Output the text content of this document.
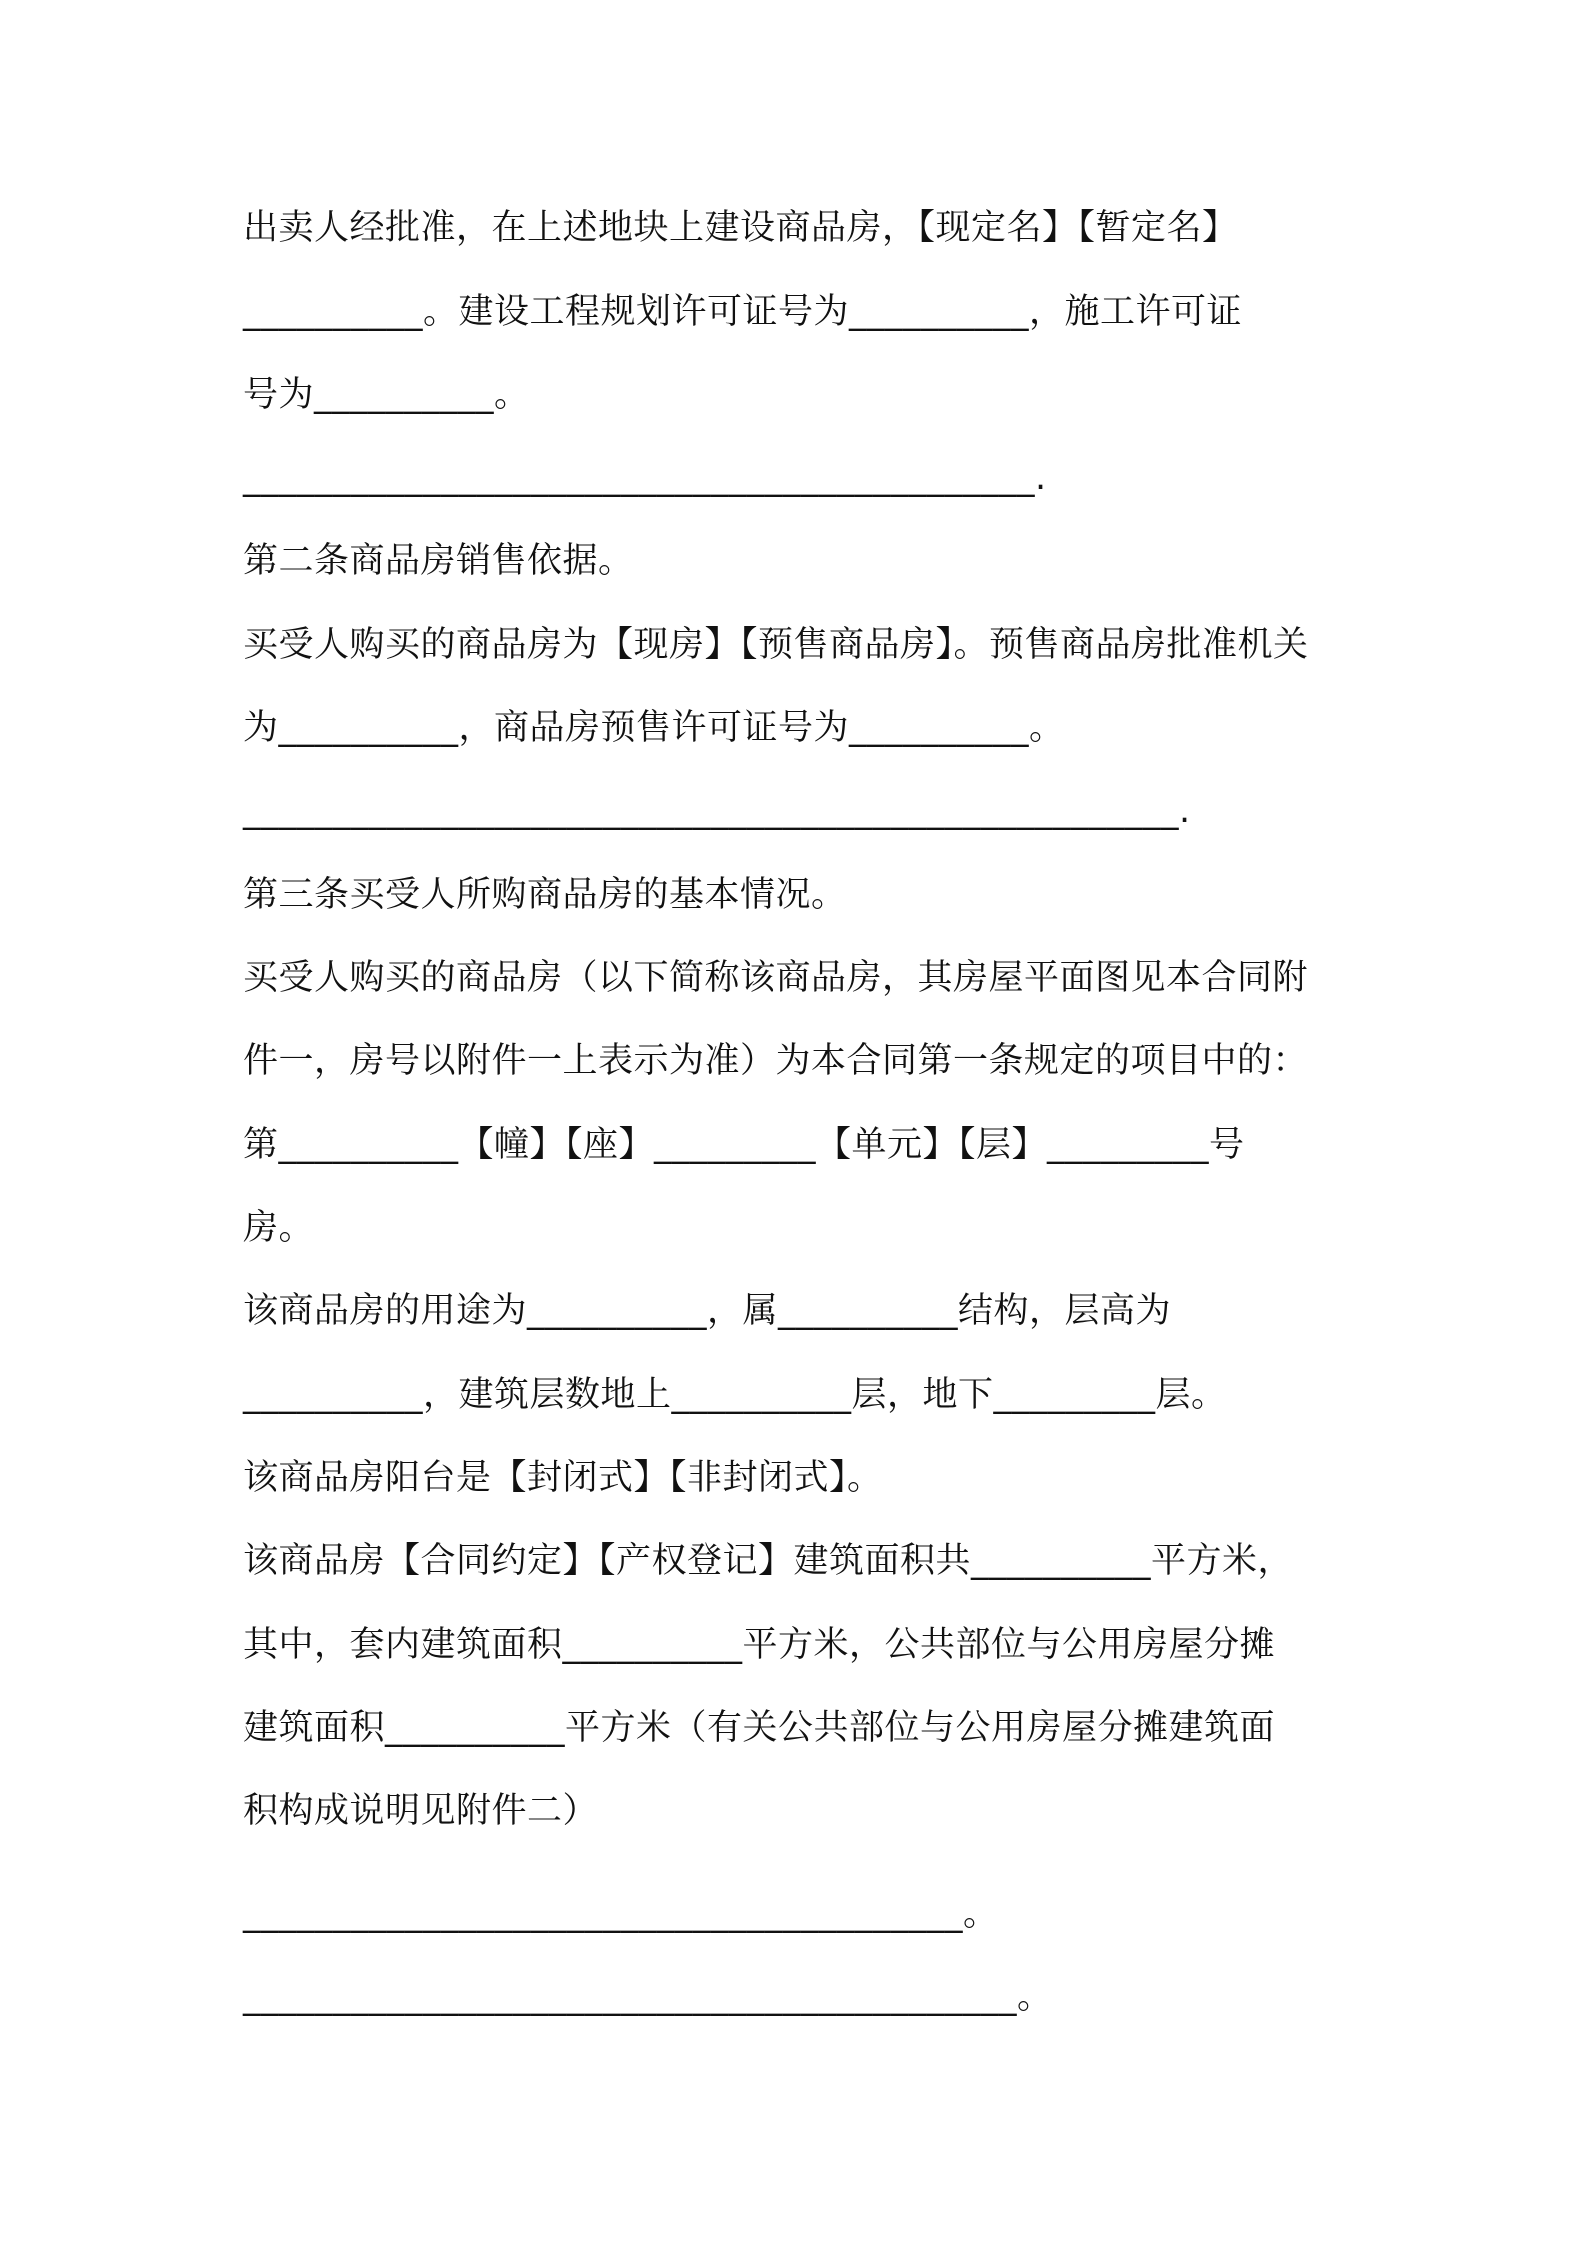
出卖人经批准，在上述地块上建设商品房，【现定名】【暂定名】
__________。建设工程规划许可证号为__________，施工许可证
号为__________。
____________________________________________.
第二条商品房销售依据。
买受人购买的商品房为【现房】【预售商品房】。预售商品房批准机关
为__________，商品房预售许可证号为__________。
____________________________________________________.
第三条买受人所购商品房的基本情况。
买受人购买的商品房（以下简称该商品房，其房屋平面图见本合同附
件一，房号以附件一上表示为准）为本合同第一条规定的项目中的：
第__________【幢】【座】_________【单元】【层】_________号
房。
该商品房的用途为__________，属__________结构，层高为
__________，建筑层数地上__________层，地下_________层。
该商品房阳台是【封闭式】【非封闭式】。
该商品房【合同约定】【产权登记】建筑面积共__________平方米，
其中，套内建筑面积__________平方米，公共部位与公用房屋分摊
建筑面积__________平方米（有关公共部位与公用房屋分摊建筑面
积构成说明见附件二）
________________________________________。
___________________________________________。
